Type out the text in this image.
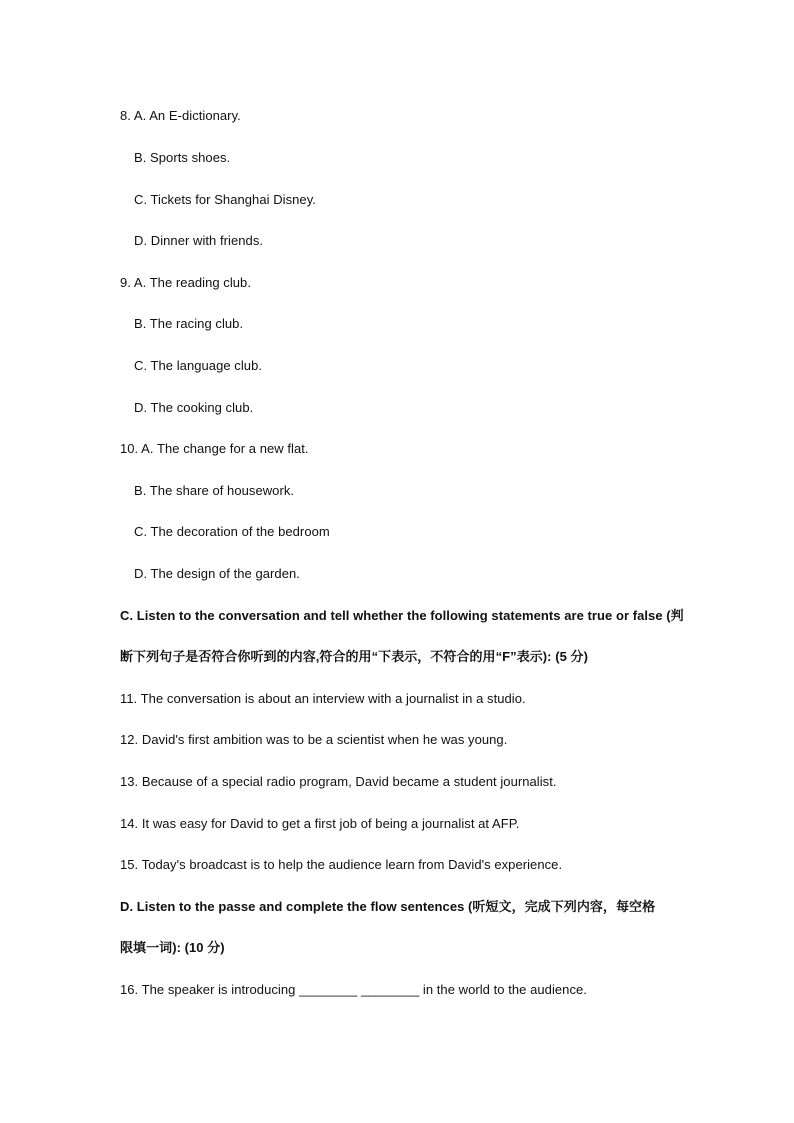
8. A. An E-dictionary.
B. Sports shoes.
C. Tickets for Shanghai Disney.
D. Dinner with friends.
9. A. The reading club.
B. The racing club.
C. The language club.
D. The cooking club.
10. A. The change for a new flat.
B. The share of housework.
C. The decoration of the bedroom
D. The design of the garden.
C. Listen to the conversation and tell whether the following statements are true or false (判
断下列句子是否符合你听到的内容,符合的用“下表示，不符合的用“F”表示): (5 分)
11. The conversation is about an interview with a journalist in a studio.
12. David's first ambition was to be a scientist when he was young.
13. Because of a special radio program, David became a student journalist.
14. It was easy for David to get a first job of being a journalist at AFP.
15. Today's broadcast is to help the audience learn from David's experience.
D. Listen to the passe and complete the flow sentences (听短文，完成下列内容，每空格
限填一词): (10 分)
16. The speaker is introducing ________ ________ in the world to the audience.
